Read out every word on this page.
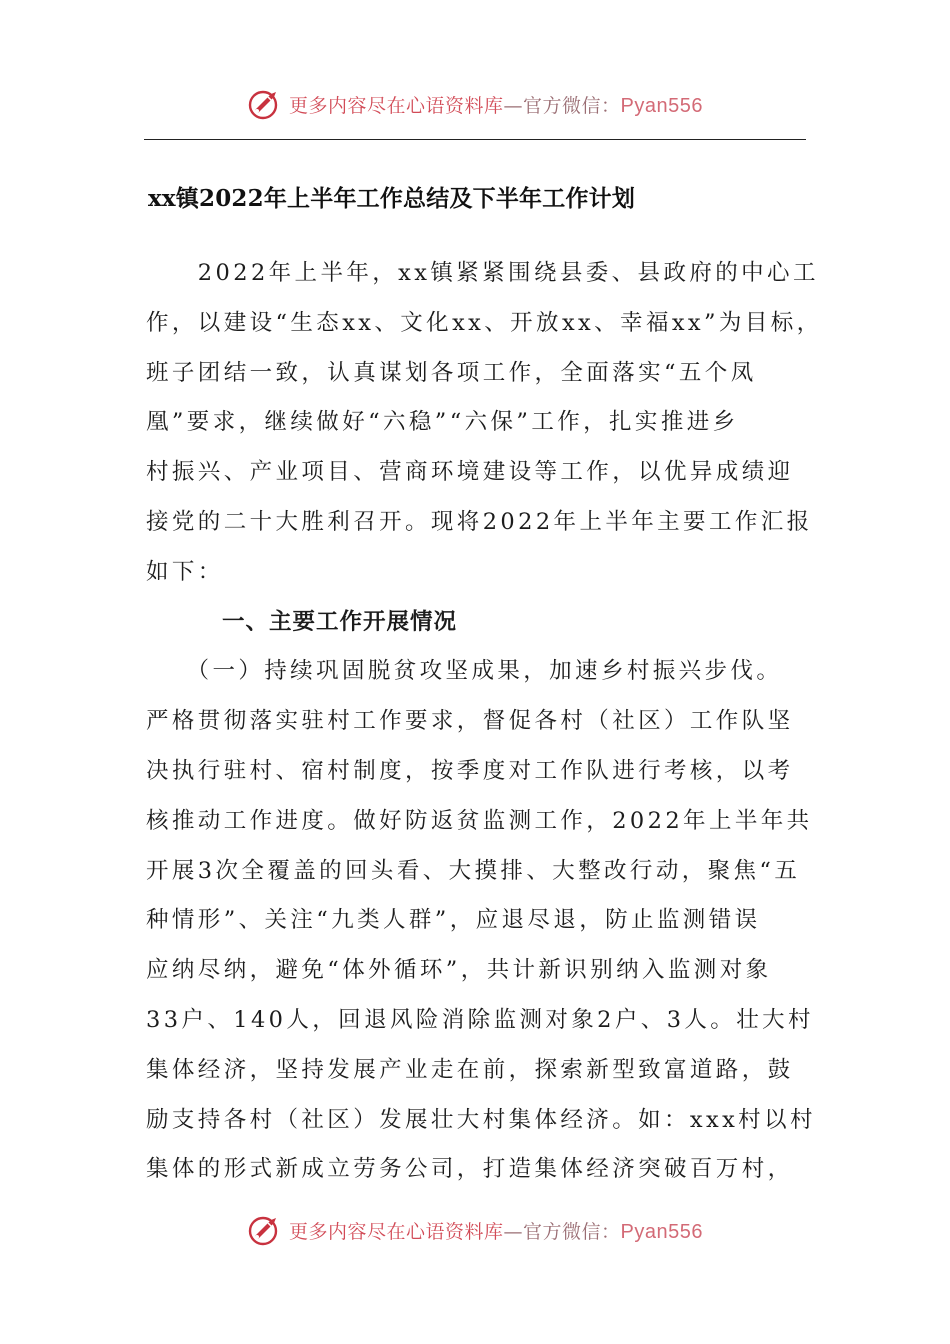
更多内容尽在心语资料库—官方微信：Pyan556
xx镇2022年上半年工作总结及下半年工作计划
　　2022年上半年，xx镇紧紧围绕县委、县政府的中心工
作，以建设“生态xx、文化xx、开放xx、幸福xx”为目标，
班子团结一致，认真谋划各项工作，全面落实“五个凤
凰”要求，继续做好“六稳”“六保”工作，扎实推进乡
村振兴、产业项目、营商环境建设等工作，以优异成绩迎
接党的二十大胜利召开。现将2022年上半年主要工作汇报
如下：
一、主要工作开展情况
　　（一）持续巩固脱贫攻坚成果，加速乡村振兴步伐。
严格贯彻落实驻村工作要求，督促各村（社区）工作队坚
决执行驻村、宿村制度，按季度对工作队进行考核，以考
核推动工作进度。做好防返贫监测工作，2022年上半年共
开展3次全覆盖的回头看、大摸排、大整改行动，聚焦“五
种情形”、关注“九类人群”，应退尽退，防止监测错误
应纳尽纳，避免“体外循环”，共计新识别纳入监测对象
33户、140人，回退风险消除监测对象2户、3人。壮大村
集体经济，坚持发展产业走在前，探索新型致富道路，鼓
励支持各村（社区）发展壮大村集体经济。如：xxx村以村
集体的形式新成立劳务公司，打造集体经济突破百万村，
更多内容尽在心语资料库—官方微信：Pyan556
